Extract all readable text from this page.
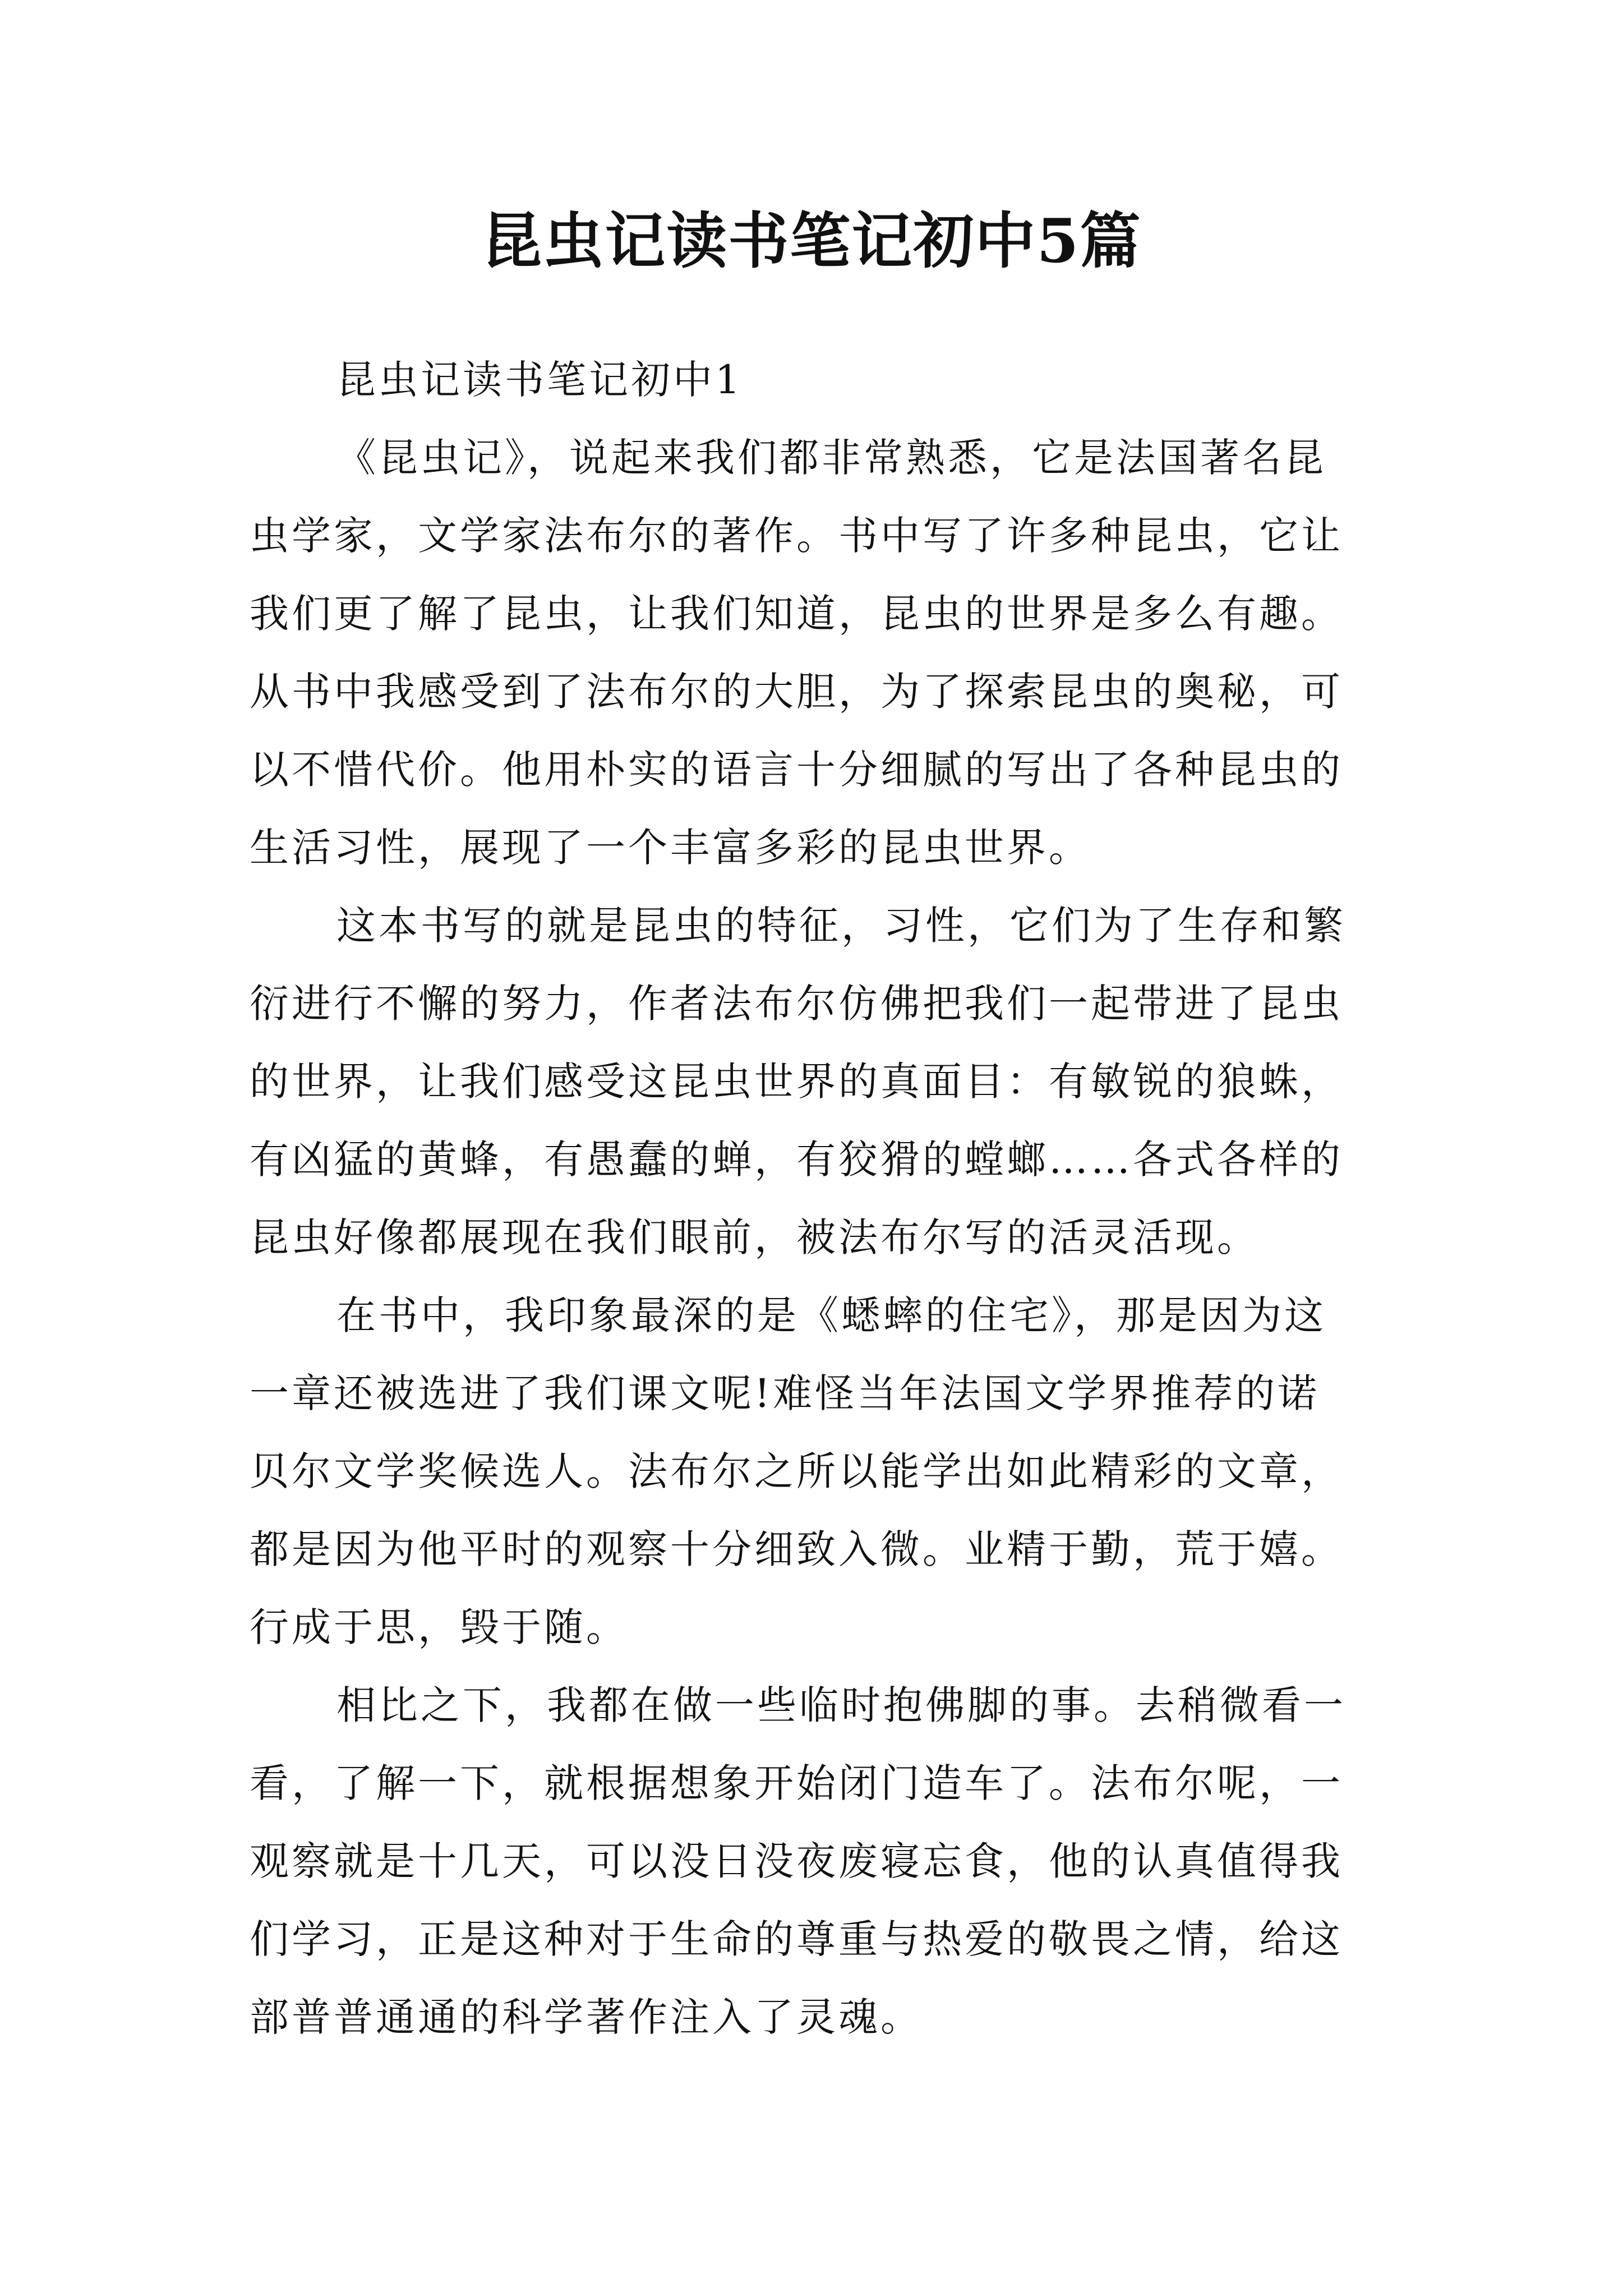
昆虫记读书笔记初中5篇

昆虫记读书笔记初中1

《昆虫记》，说起来我们都非常熟悉，它是法国著名昆
虫学家，文学家法布尔的著作。书中写了许多种昆虫，它让
我们更了解了昆虫，让我们知道，昆虫的世界是多么有趣。
从书中我感受到了法布尔的大胆，为了探索昆虫的奥秘，可
以不惜代价。他用朴实的语言十分细腻的写出了各种昆虫的
生活习性，展现了一个丰富多彩的昆虫世界。
这本书写的就是昆虫的特征，习性，它们为了生存和繁
衍进行不懈的努力，作者法布尔仿佛把我们一起带进了昆虫
的世界，让我们感受这昆虫世界的真面目：有敏锐的狼蛛，
有凶猛的黄蜂，有愚蠢的蝉，有狡猾的螳螂……各式各样的
昆虫好像都展现在我们眼前，被法布尔写的活灵活现。
在书中，我印象最深的是《蟋蟀的住宅》，那是因为这
一章还被选进了我们课文呢!难怪当年法国文学界推荐的诺
贝尔文学奖候选人。法布尔之所以能学出如此精彩的文章，
都是因为他平时的观察十分细致入微。业精于勤，荒于嬉。
行成于思，毁于随。
相比之下，我都在做一些临时抱佛脚的事。去稍微看一
看，了解一下，就根据想象开始闭门造车了。法布尔呢，一
观察就是十几天，可以没日没夜废寝忘食，他的认真值得我
们学习，正是这种对于生命的尊重与热爱的敬畏之情，给这
部普普通通的科学著作注入了灵魂。
